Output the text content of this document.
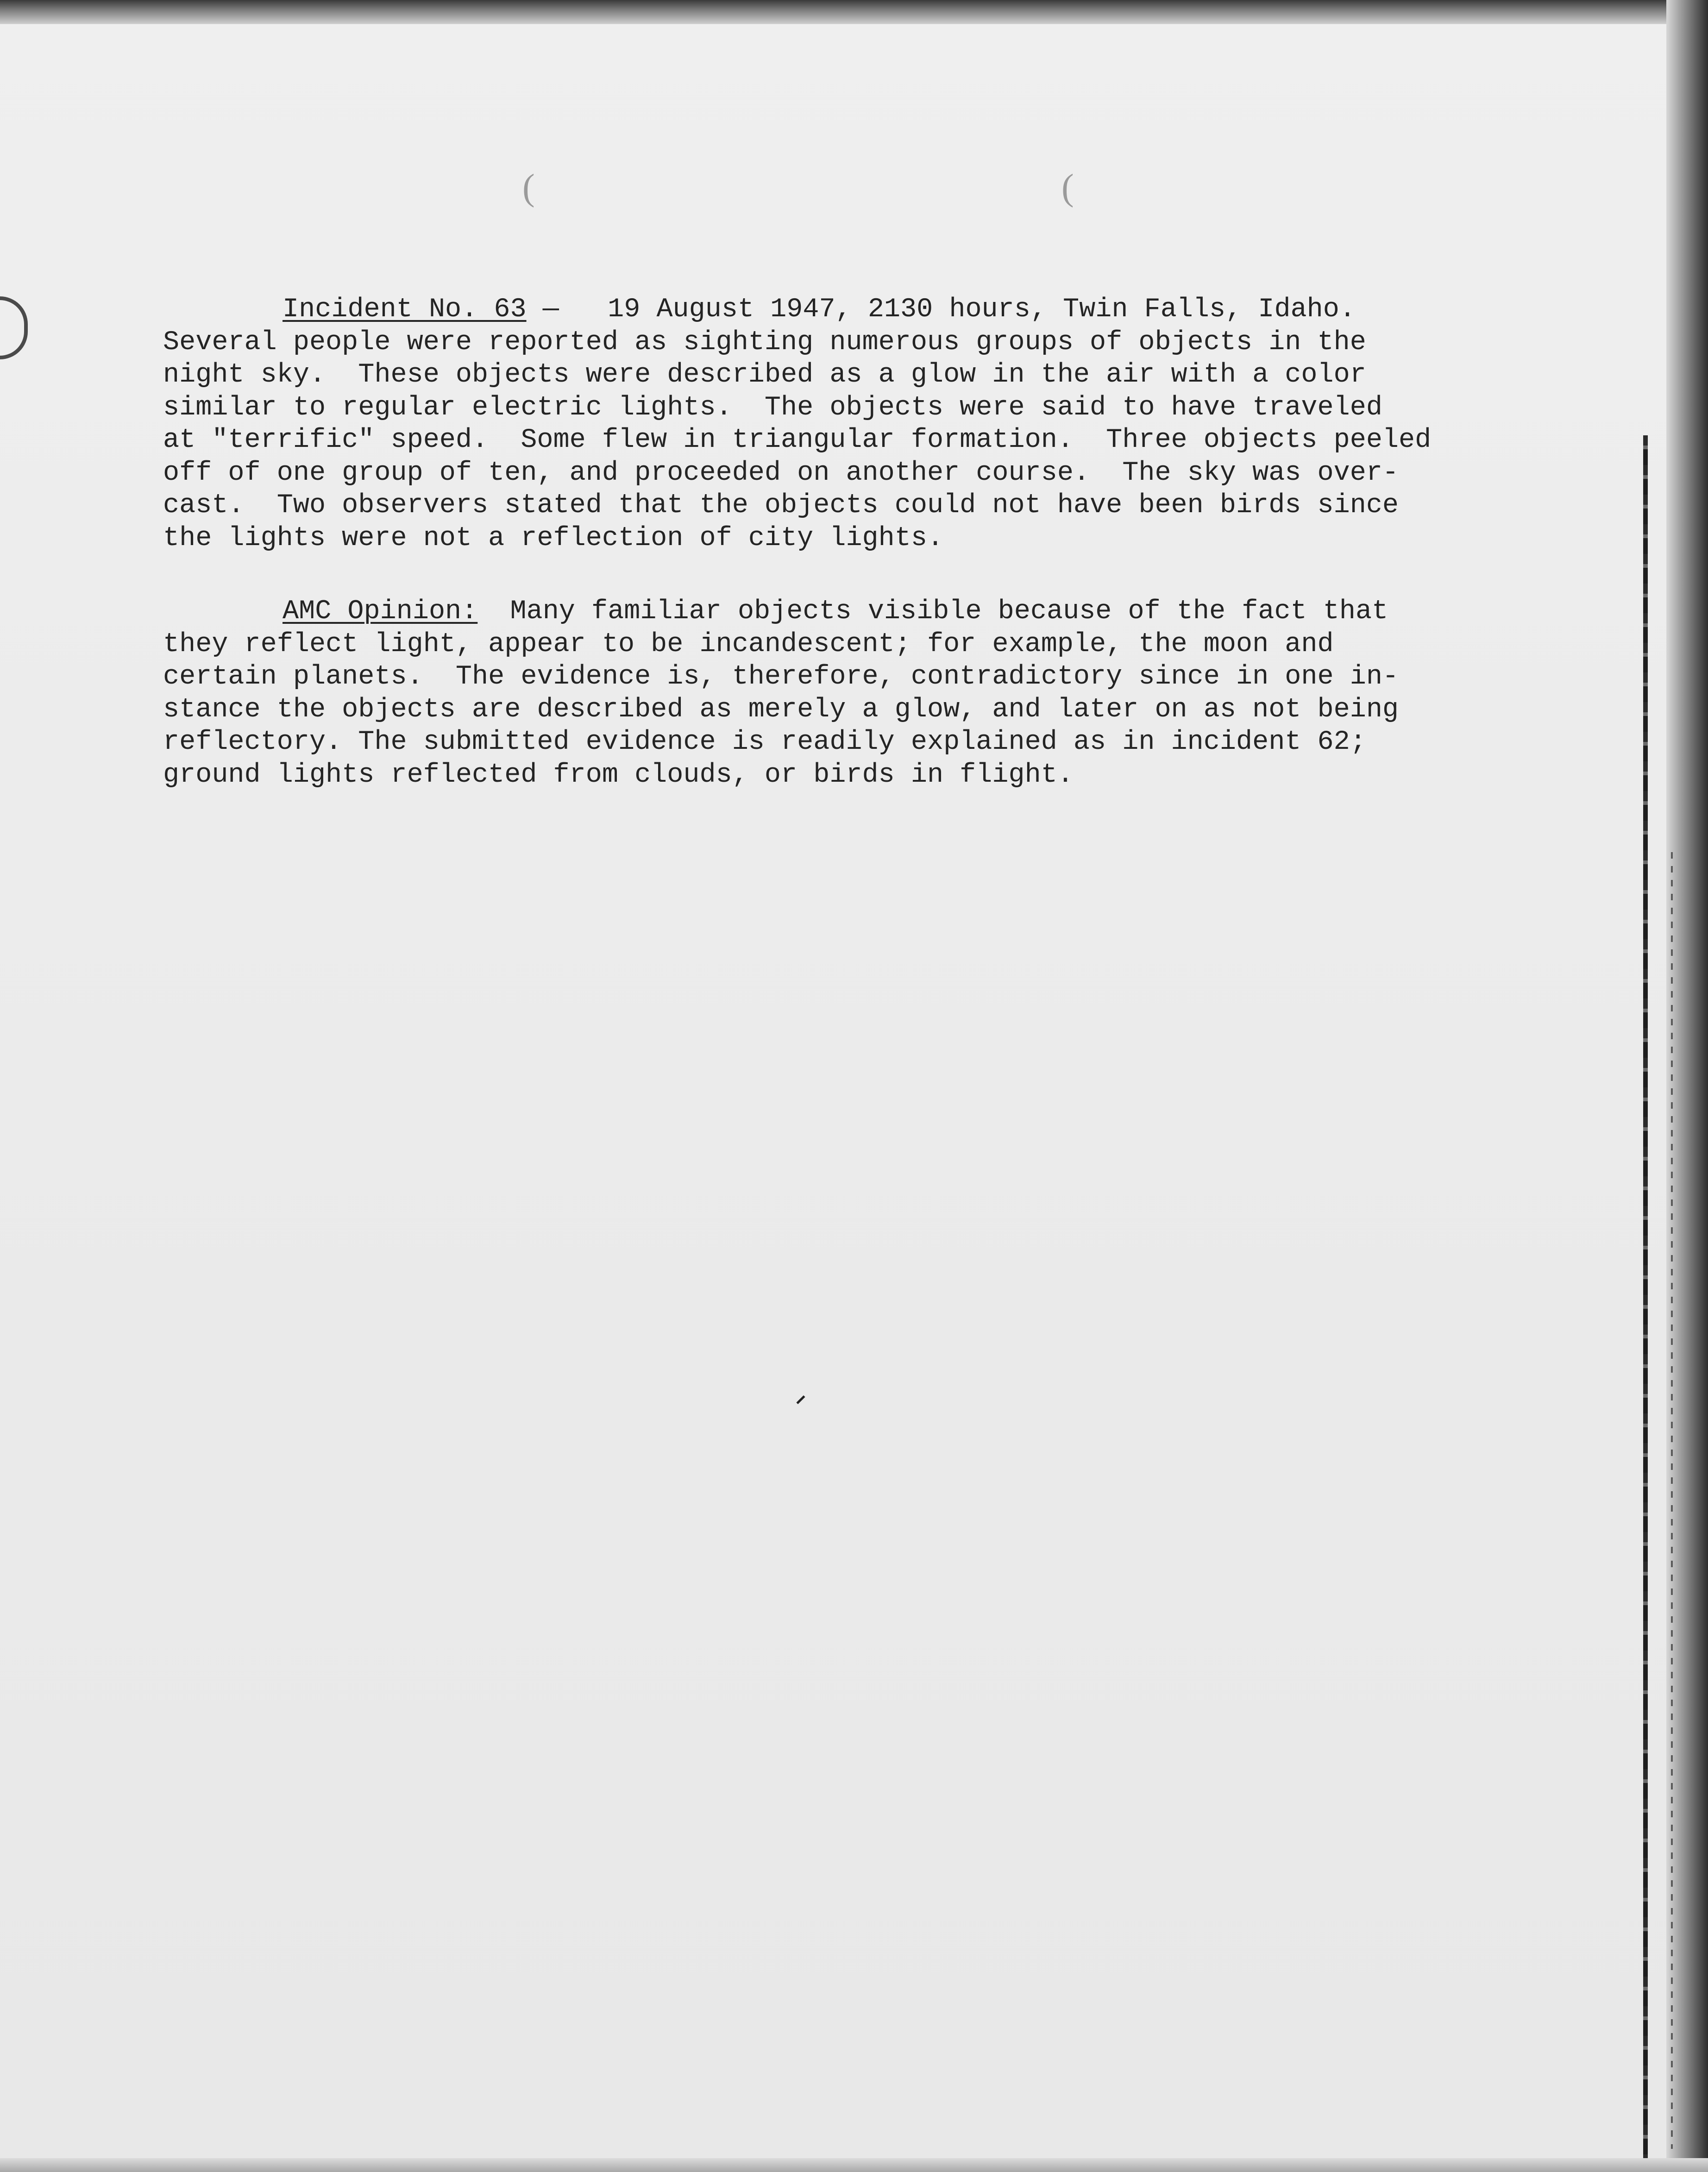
(	(
Incident No. 63 —   19 August 1947, 2130 hours, Twin Falls, Idaho.
Several people were reported as sighting numerous groups of objects in the
night sky.  These objects were described as a glow in the air with a color
similar to regular electric lights.  The objects were said to have traveled
at "terrific" speed.  Some flew in triangular formation.  Three objects peeled
off of one group of ten, and proceeded on another course.  The sky was over-
cast.  Two observers stated that the objects could not have been birds since
the lights were not a reflection of city lights.
AMC Opinion:  Many familiar objects visible because of the fact that
they reflect light, appear to be incandescent; for example, the moon and
certain planets.  The evidence is, therefore, contradictory since in one in-
stance the objects are described as merely a glow, and later on as not being
reflectory. The submitted evidence is readily explained as in incident 62;
ground lights reflected from clouds, or birds in flight.
